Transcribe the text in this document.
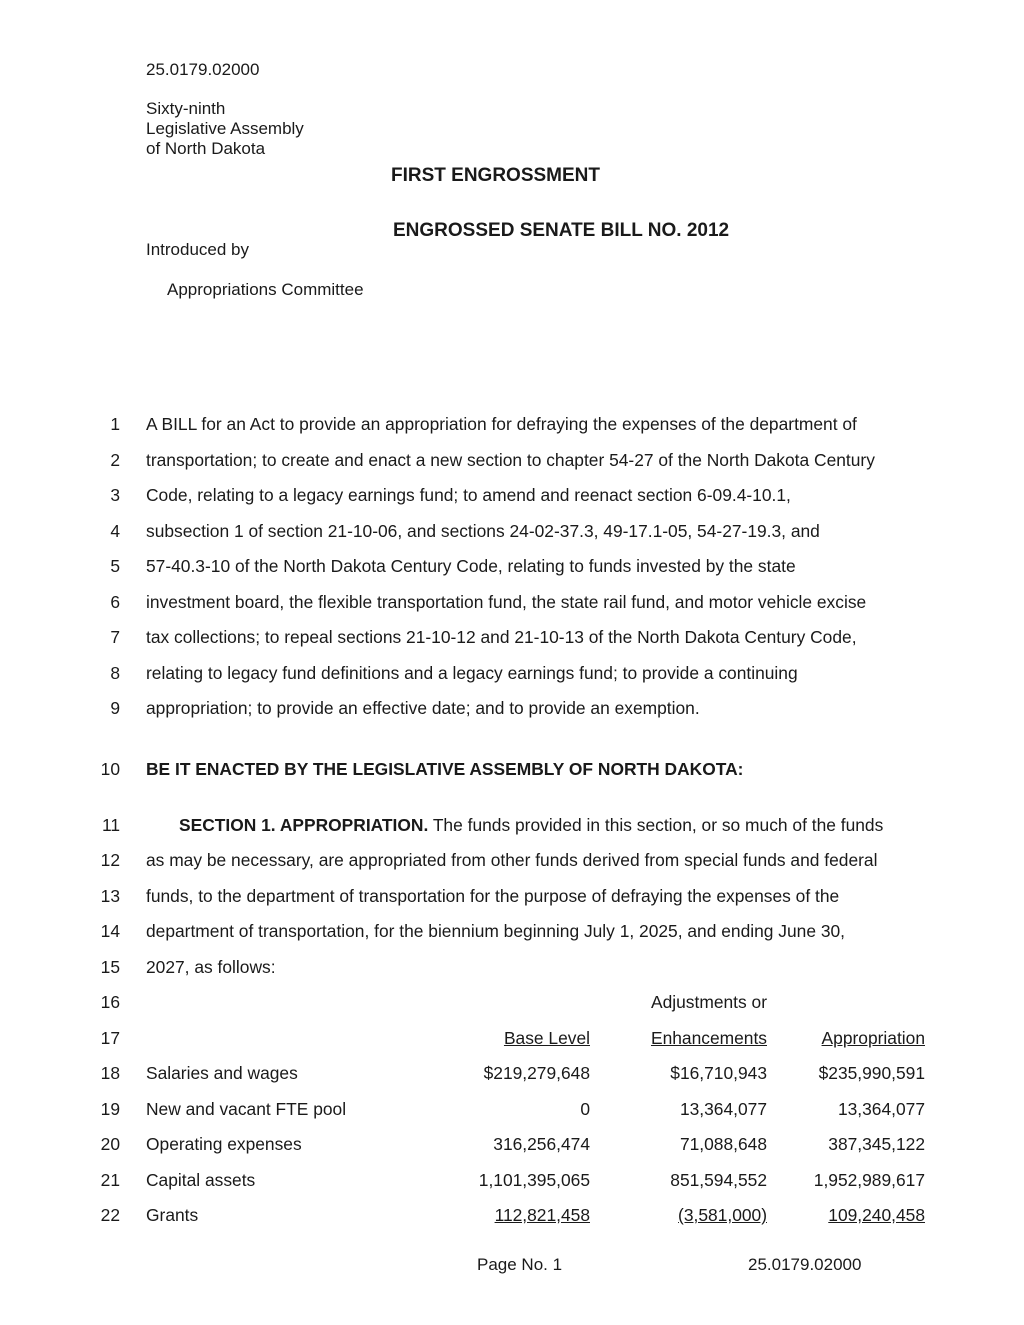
25.0179.02000
Sixty-ninth
Legislative Assembly
of North Dakota
FIRST ENGROSSMENT
ENGROSSED SENATE BILL NO. 2012
Introduced by
Appropriations Committee
1 A BILL for an Act to provide an appropriation for defraying the expenses of the department of
2 transportation; to create and enact a new section to chapter 54-27 of the North Dakota Century
3 Code, relating to a legacy earnings fund; to amend and reenact section 6-09.4-10.1,
4 subsection 1 of section 21-10-06, and sections 24-02-37.3, 49-17.1-05, 54-27-19.3, and
5 57-40.3-10 of the North Dakota Century Code, relating to funds invested by the state
6 investment board, the flexible transportation fund, the state rail fund, and motor vehicle excise
7 tax collections; to repeal sections 21-10-12 and 21-10-13 of the North Dakota Century Code,
8 relating to legacy fund definitions and a legacy earnings fund; to provide a continuing
9 appropriation; to provide an effective date; and to provide an exemption.
10 BE IT ENACTED BY THE LEGISLATIVE ASSEMBLY OF NORTH DAKOTA:
11	SECTION 1. APPROPRIATION. The funds provided in this section, or so much of the funds
12 as may be necessary, are appropriated from other funds derived from special funds and federal
13 funds, to the department of transportation for the purpose of defraying the expenses of the
14 department of transportation, for the biennium beginning July 1, 2025, and ending June 30,
15 2027, as follows:
16	Adjustments or
17	Base Level	Enhancements	Appropriation
18 Salaries and wages	$219,279,648	$16,710,943	$235,990,591
19 New and vacant FTE pool	0	13,364,077	13,364,077
20 Operating expenses	316,256,474	71,088,648	387,345,122
21 Capital assets	1,101,395,065	851,594,552	1,952,989,617
22 Grants	112,821,458	(3,581,000)	109,240,458
Page No. 1	25.0179.02000
